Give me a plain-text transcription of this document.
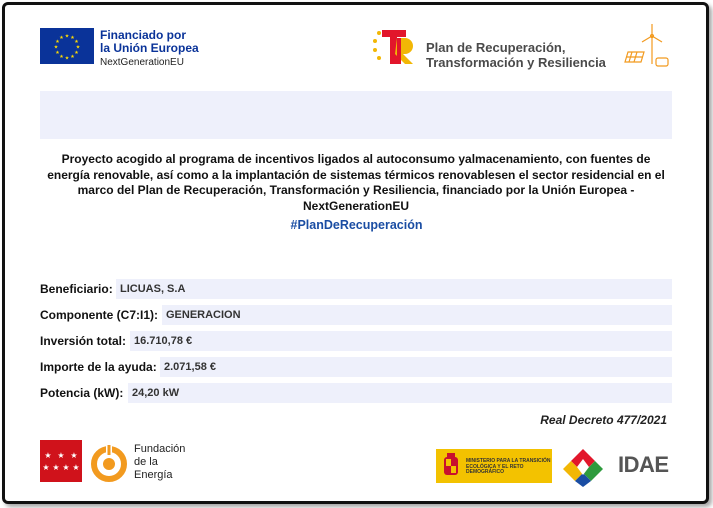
★
★
★
★
★
★
★
★
★ ★ ★
★ Financiado por
la Unión Europea
NextGenerationEU
Plan de Recuperación,
Transformación y Resiliencia
Proyecto acogido al programa de incentivos ligados al autoconsumo yalmacenamiento, con fuentes de energía renovable, así como a la implantación de sistemas térmicos renovablesen el sector residencial en el marco del Plan de Recuperación, Transformación y Resiliencia, financiado por la Unión Europea - NextGenerationEU
#PlanDeRecuperación
Beneficiario: LICUAS, S.A
Componente (C7:I1): GENERACION
Inversión total: 16.710,78 €
Importe de la ayuda: 2.071,58 €
Potencia (kW): 24,20 kW
Real Decreto 477/2021
★ ★ ★
★ ★ ★ ★
Fundación
de la
Energía
MINISTERIO PARA LA TRANSICIÓN ECOLÓGICA Y EL RETO DEMOGRÁFICO	IDAE
